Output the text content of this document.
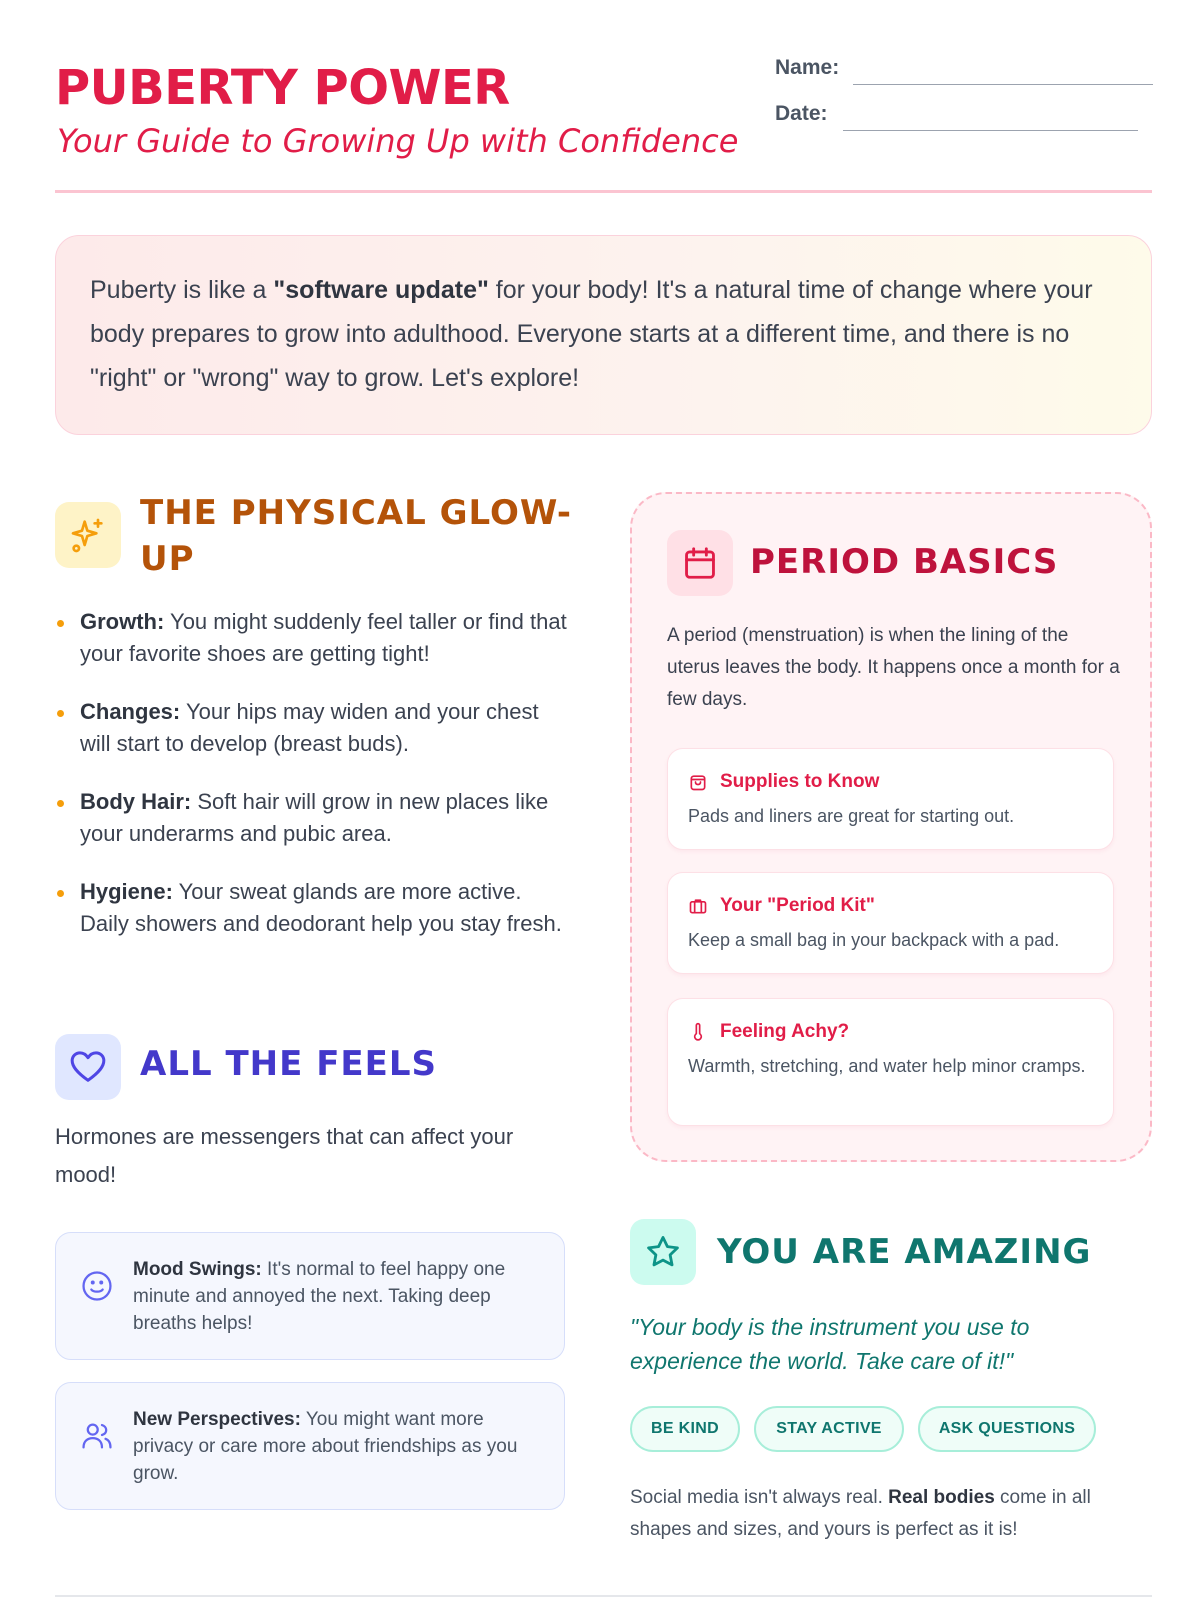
PUBERTY POWER
Your Guide to Growing Up with Confidence
Name:
Date:

Puberty is like a "software update" for your body! It's a natural time of change where your body prepares to grow into adulthood. Everyone starts at a different time, and there is no "right" or "wrong" way to grow. Let's explore!

THE PHYSICAL GLOW-UP
Growth: You might suddenly feel taller or find that your favorite shoes are getting tight!
Changes: Your hips may widen and your chest will start to develop (breast buds).
Body Hair: Soft hair will grow in new places like your underarms and pubic area.
Hygiene: Your sweat glands are more active. Daily showers and deodorant help you stay fresh.
ALL THE FEELS

Hormones are messengers that can affect your mood!

Mood Swings: It's normal to feel happy one minute and annoyed the next. Taking deep breaths helps!

New Perspectives: You might want more privacy or care more about friendships as you grow.

PERIOD BASICS

A period (menstruation) is when the lining of the uterus leaves the body. It happens once a month for a few days.

Supplies to Know

Pads and liners are great for starting out.

Your "Period Kit"

Keep a small bag in your backpack with a pad.

Feeling Achy?

Warmth, stretching, and water help minor cramps.

YOU ARE AMAZING

"Your body is the instrument you use to experience the world. Take care of it!"

BE KIND	STAY ACTIVE	ASK QUESTIONS

Social media isn't always real. Real bodies come in all shapes and sizes, and yours is perfect as it is!
